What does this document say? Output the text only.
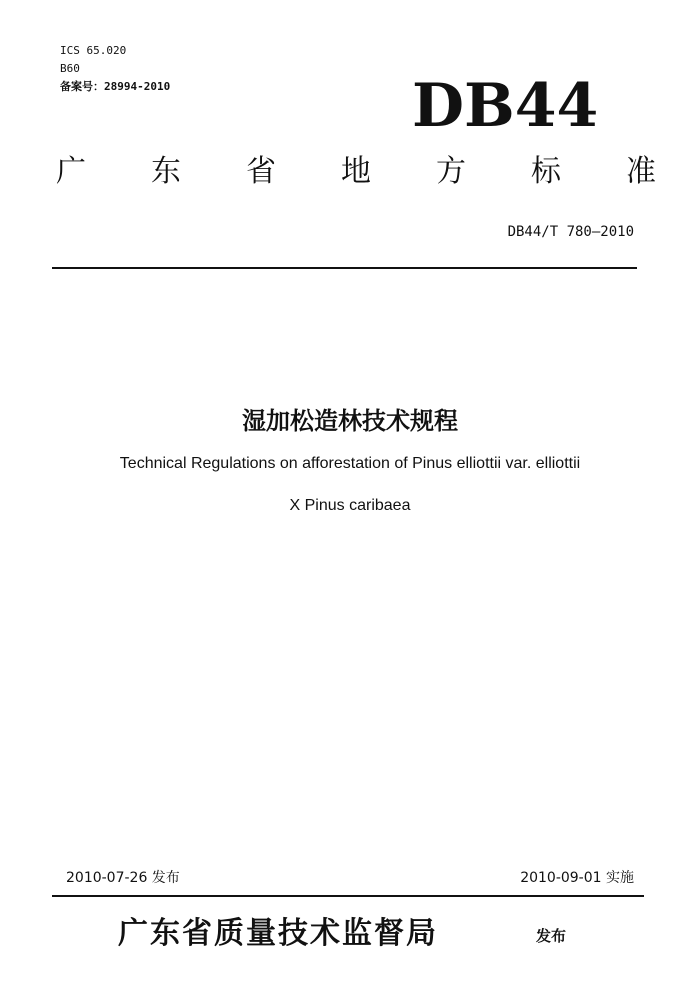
ICS 65.020
B60
备案号：28994-2010	DB44
广 东 省 地 方 标 准
DB44/T 780—2010
湿加松造林技术规程
Technical Regulations on afforestation of Pinus elliottii var. elliottii
X Pinus caribaea
2010-07-26 发布	2010-09-01 实施
广东省质量技术监督局	发布
